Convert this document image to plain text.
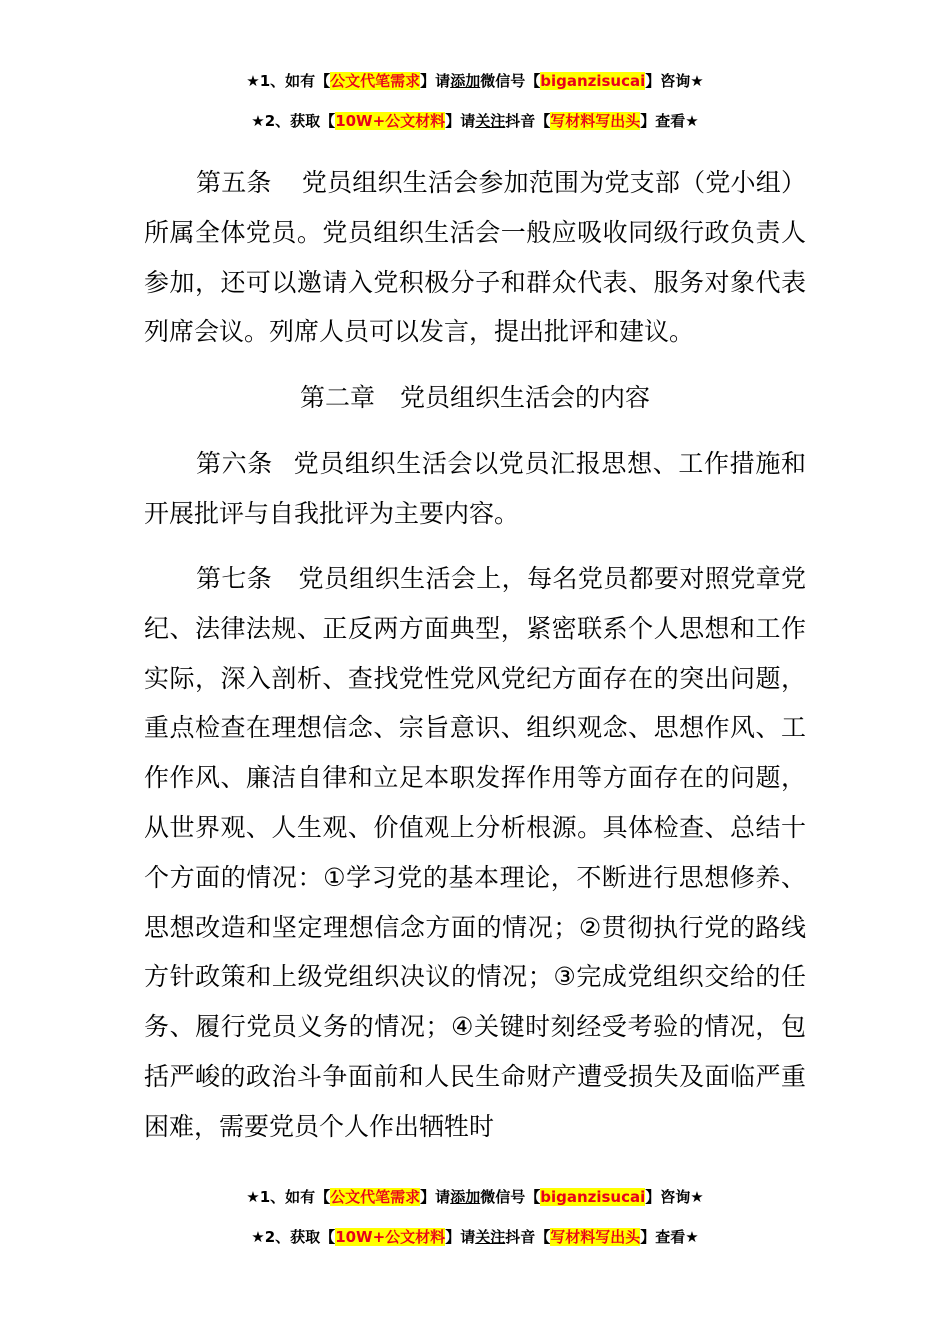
★1、如有【公文代笔需求】请添加微信号【biganzisucai】咨询★
★2、获取【10W+公文材料】请关注抖音【写材料写出头】查看★

第五条 党员组织生活会参加范围为党支部（党小组）所属全体党员。党员组织生活会一般应吸收同级行政负责人参加，还可以邀请入党积极分子和群众代表、服务对象代表列席会议。列席人员可以发言，提出批评和建议。

第二章　党员组织生活会的内容

第六条 党员组织生活会以党员汇报思想、工作措施和开展批评与自我批评为主要内容。

第七条 党员组织生活会上，每名党员都要对照党章党纪、法律法规、正反两方面典型，紧密联系个人思想和工作实际，深入剖析、查找党性党风党纪方面存在的突出问题，重点检查在理想信念、宗旨意识、组织观念、思想作风、工作作风、廉洁自律和立足本职发挥作用等方面存在的问题，从世界观、人生观、价值观上分析根源。具体检查、总结十个方面的情况：①学习党的基本理论，不断进行思想修养、思想改造和坚定理想信念方面的情况；②贯彻执行党的路线方针政策和上级党组织决议的情况；③完成党组织交给的任务、履行党员义务的情况；④关键时刻经受考验的情况，包括严峻的政治斗争面前和人民生命财产遭受损失及面临严重困难，需要党员个人作出牺牲时

★1、如有【公文代笔需求】请添加微信号【biganzisucai】咨询★
★2、获取【10W+公文材料】请关注抖音【写材料写出头】查看★
